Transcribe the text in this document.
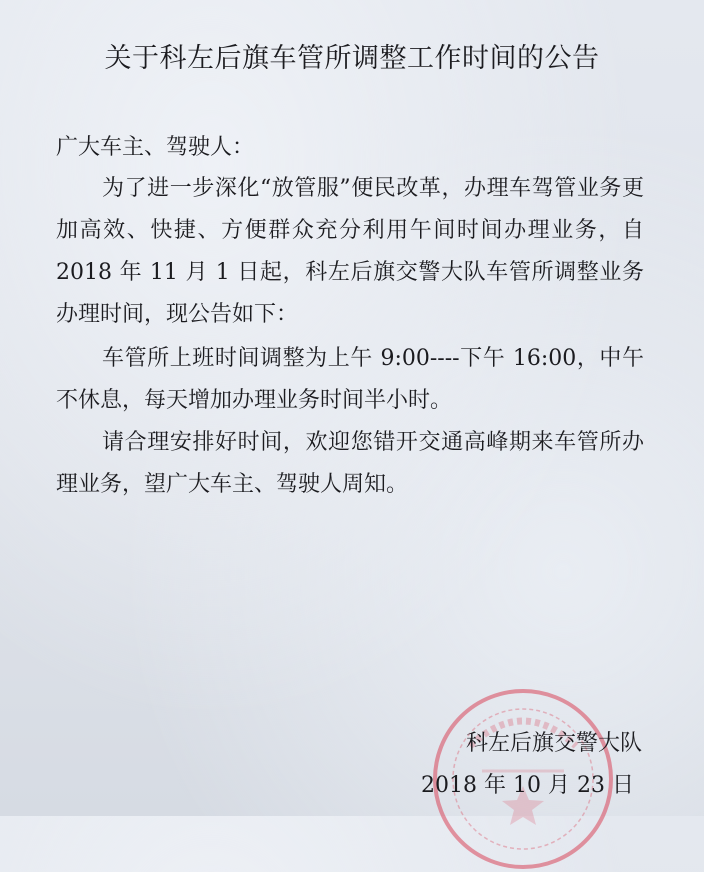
关于科左后旗车管所调整工作时间的公告

广大车主、驾驶人：

为了进一步深化“放管服”便民改革，办理车驾管业务更加高效、快捷、方便群众充分利用午间时间办理业务，自2018 年 11 月 1 日起，科左后旗交警大队车管所调整业务办理时间，现公告如下：

车管所上班时间调整为上午 9:00----下午 16:00，中午不休息，每天增加办理业务时间半小时。

请合理安排好时间，欢迎您错开交通高峰期来车管所办理业务，望广大车主、驾驶人周知。

科左后旗交警大队

2018 年 10 月 23 日
